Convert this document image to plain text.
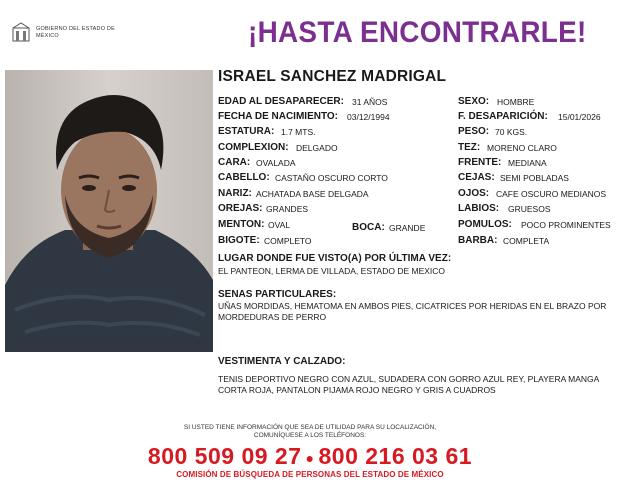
GOBIERNO DEL ESTADO DE MÉXICO	¡HASTA ENCONTRARLE!
ISRAEL SANCHEZ MADRIGAL
EDAD AL DESAPARECER: 31 AÑOS
FECHA DE NACIMIENTO: 03/12/1994
ESTATURA: 1.7 MTS.
COMPLEXION: DELGADO
CARA: OVALADA
CABELLO: CASTAÑO OSCURO CORTO
NARIZ: ACHATADA BASE DELGADA
OREJAS: GRANDES
MENTON: OVAL	BOCA: GRANDE
BIGOTE: COMPLETO
SEXO: HOMBRE
F. DESAPARICIÓN: 15/01/2026
PESO: 70 KGS.
TEZ: MORENO CLARO
FRENTE: MEDIANA
CEJAS: SEMI POBLADAS
OJOS: CAFE OSCURO MEDIANOS
LABIOS: GRUESOS
POMULOS: POCO PROMINENTES
BARBA: COMPLETA
LUGAR DONDE FUE VISTO(A) POR ÚLTIMA VEZ:
EL PANTEON, LERMA DE VILLADA, ESTADO DE MEXICO
SENAS PARTICULARES:
UÑAS MORDIDAS, HEMATOMA EN AMBOS PIES, CICATRICES POR HERIDAS EN EL BRAZO POR MORDEDURAS DE PERRO
VESTIMENTA Y CALZADO:
TENIS DEPORTIVO NEGRO CON AZUL, SUDADERA CON GORRO AZUL REY, PLAYERA MANGA CORTA ROJA, PANTALON PIJAMA ROJO NEGRO Y GRIS A CUADROS
SI USTED TIENE INFORMACIÓN QUE SEA DE UTILIDAD PARA SU LOCALIZACIÓN,
COMUNÍQUESE A LOS TELÉFONOS:
800 509 09 27 ● 800 216 03 61
COMISIÓN DE BÚSQUEDA DE PERSONAS DEL ESTADO DE MÉXICO
